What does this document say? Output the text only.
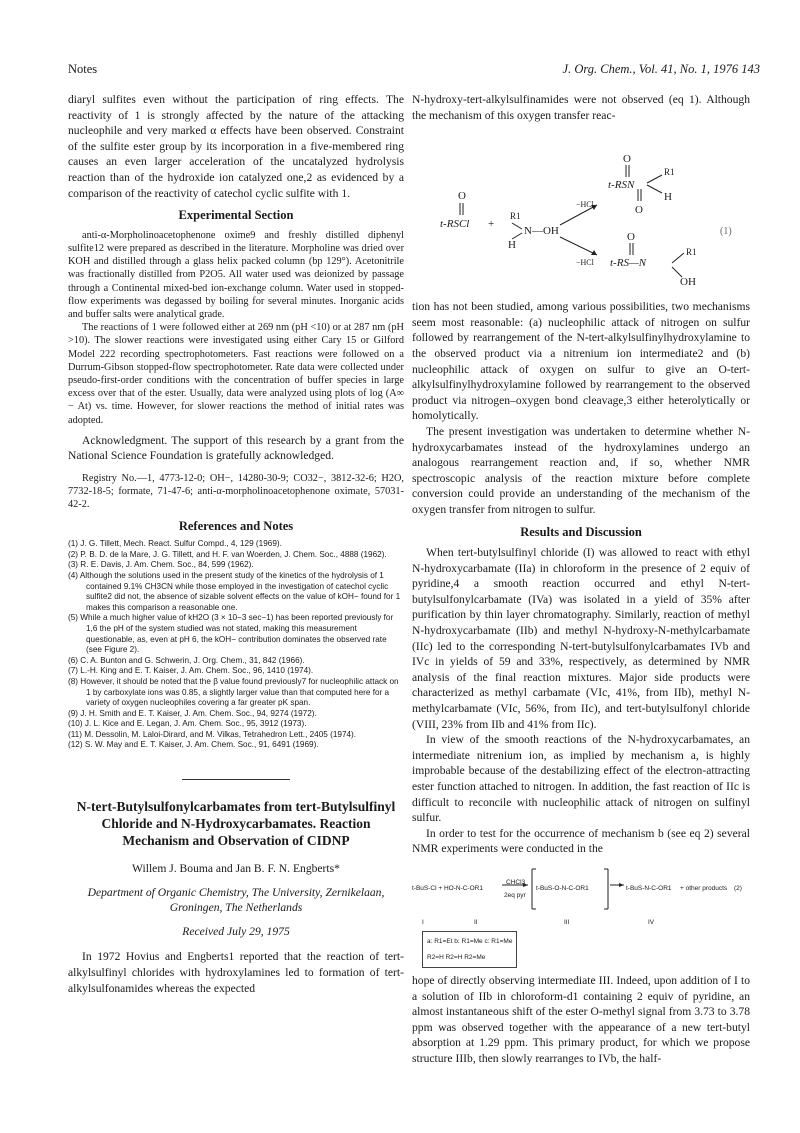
Notes	J. Org. Chem., Vol. 41, No. 1, 1976 143

diaryl sulfites even without the participation of ring effects. The reactivity of 1 is strongly affected by the nature of the attacking nucleophile and very marked α effects have been observed. Constraint of the sulfite ester group by its incorporation in a five-membered ring causes an even larger acceleration of the uncatalyzed hydrolysis reaction than of the hydroxide ion catalyzed one,2 as evidenced by a comparison of the reactivity of catechol cyclic sulfite with 1.

Experimental Section

anti-α-Morpholinoacetophenone oxime9 and freshly distilled diphenyl sulfite12 were prepared as described in the literature. Morpholine was dried over KOH and distilled through a glass helix packed column (bp 129°). Acetonitrile was fractionally distilled from P2O5. All water used was deionized by passage through a Continental mixed-bed ion-exchange column. Water used in stopped-flow experiments was degassed by boiling for several minutes. Inorganic acids and buffer salts were analytical grade.

The reactions of 1 were followed either at 269 nm (pH <10) or at 287 nm (pH >10). The slower reactions were investigated using either Cary 15 or Gilford Model 222 recording spectrophotometers. Fast reactions were followed on a Durrum-Gibson stopped-flow spectrophotometer. Rate data were collected under pseudo-first-order conditions with the concentration of buffer species in large excess over that of the ester. Usually, data were analyzed using plots of log (A∞ − At) vs. time. However, for slower reactions the method of initial rates was adopted.

Acknowledgment. The support of this research by a grant from the National Science Foundation is gratefully acknowledged.

Registry No.—1, 4773-12-0; OH−, 14280-30-9; CO32−, 3812-32-6; H2O, 7732-18-5; formate, 71-47-6; anti-α-morpholinoacetophenone oximate, 57031-42-2.

References and Notes
(1) J. G. Tillett, Mech. React. Sulfur Compd., 4, 129 (1969).
(2) P. B. D. de la Mare, J. G. Tillett, and H. F. van Woerden, J. Chem. Soc., 4888 (1962).
(3) R. E. Davis, J. Am. Chem. Soc., 84, 599 (1962).
(4) Although the solutions used in the present study of the kinetics of the hydrolysis of 1 contained 9.1% CH3CN while those employed in the investigation of catechol cyclic sulfite2 did not, the absence of sizable solvent effects on the value of kOH− found for 1 makes this comparison a reasonable one.
(5) While a much higher value of kH2O (3 × 10−3 sec−1) has been reported previously for 1,6 the pH of the system studied was not stated, making this measurement questionable, as, even at pH 6, the kOH− contribution dominates the observed rate (see Figure 2).
(6) C. A. Bunton and G. Schwerin, J. Org. Chem., 31, 842 (1966).
(7) L.-H. King and E. T. Kaiser, J. Am. Chem. Soc., 96, 1410 (1974).
(8) However, it should be noted that the β value found previously7 for nucleophilic attack on 1 by carboxylate ions was 0.85, a slightly larger value than that computed here for a variety of oxygen nucleophiles covering a far greater pK span.
(9) J. H. Smith and E. T. Kaiser, J. Am. Chem. Soc., 94, 9274 (1972).
(10) J. L. Kice and E. Legan, J. Am. Chem. Soc., 95, 3912 (1973).
(11) M. Dessolin, M. Laloi-Dirard, and M. Vilkas, Tetrahedron Lett., 2405 (1974).
(12) S. W. May and E. T. Kaiser, J. Am. Chem. Soc., 91, 6491 (1969).
N-tert-Butylsulfonylcarbamates from tert-Butylsulfinyl Chloride and N-Hydroxycarbamates. Reaction Mechanism and Observation of CIDNP
Willem J. Bouma and Jan B. F. N. Engberts*
Department of Organic Chemistry, The University, Zernikelaan, Groningen, The Netherlands
Received July 29, 1975

In 1972 Hovius and Engberts1 reported that the reaction of tert-alkylsulfinyl chlorides with hydroxylamines led to formation of tert-alkylsulfonamides whereas the expected

N-hydroxy-tert-alkylsulfinamides were not observed (eq 1). Although the mechanism of this oxygen transfer reac-

O
t-RSCl +
R1
N—OH
H
−HCl
−HCl
O
t-RSN
R1
H
O
O
t-RS—N
R1
OH
(1)

tion has not been studied, among various possibilities, two mechanisms seem most reasonable: (a) nucleophilic attack of nitrogen on sulfur followed by rearrangement of the N-tert-alkylsulfinylhydroxylamine to the observed product via a nitrenium ion intermediate2 and (b) nucleophilic attack of oxygen on sulfur to give an O-tert-alkylsulfinylhydroxylamine followed by rearrangement to the observed product via nitrogen–oxygen bond cleavage,3 either heterolytically or homolytically.

The present investigation was undertaken to determine whether N-hydroxycarbamates instead of the hydroxylamines undergo an analogous rearrangement reaction and, if so, whether NMR spectroscopic analysis of the reaction mixture before complete conversion could provide an understanding of the mechanism of the oxygen transfer from nitrogen to sulfur.

Results and Discussion

When tert-butylsulfinyl chloride (I) was allowed to react with ethyl N-hydroxycarbamate (IIa) in chloroform in the presence of 2 equiv of pyridine,4 a smooth reaction occurred and ethyl N-tert-butylsulfonylcarbamate (IVa) was isolated in a yield of 35% after purification by thin layer chromatography. Similarly, reaction of methyl N-hydroxycarbamate (IIb) and methyl N-hydroxy-N-methylcarbamate (IIc) led to the corresponding N-tert-butylsulfonylcarbamates IVb and IVc in yields of 59 and 33%, respectively, as determined by NMR analysis of the final reaction mixtures. Major side products were characterized as methyl carbamate (VIc, 41%, from IIb), methyl N-methylcarbamate (VIc, 56%, from IIc), and tert-butylsulfonyl chloride (VIII, 23% from IIb and 41% from IIc).

In view of the smooth reactions of the N-hydroxycarbamates, an intermediate nitrenium ion, as implied by mechanism a, is highly improbable because of the destabilizing effect of the electron-attracting ester function attached to nitrogen. In addition, the fast reaction of IIc is difficult to reconcile with nucleophilic attack of nitrogen on sulfinyl sulfur.

In order to test for the occurrence of mechanism b (see eq 2) several NMR experiments were conducted in the

t-BuS-Cl + HO-N-C-OR1
CHCl3
2eq pyr
t-BuS-O-N-C-OR1	t-BuS-N-C-OR1 + other products (2)
I	II	III	IV
a: R1=Et b: R1=Me c: R1=Me
R2=H R2=H R2=Me

hope of directly observing intermediate III. Indeed, upon addition of I to a solution of IIb in chloroform-d1 containing 2 equiv of pyridine, an almost instantaneous shift of the ester O-methyl signal from 3.73 to 3.78 ppm was observed together with the appearance of a new tert-butyl absorption at 1.29 ppm. This primary product, for which we propose structure IIIb, then slowly rearranges to IVb, the half-
